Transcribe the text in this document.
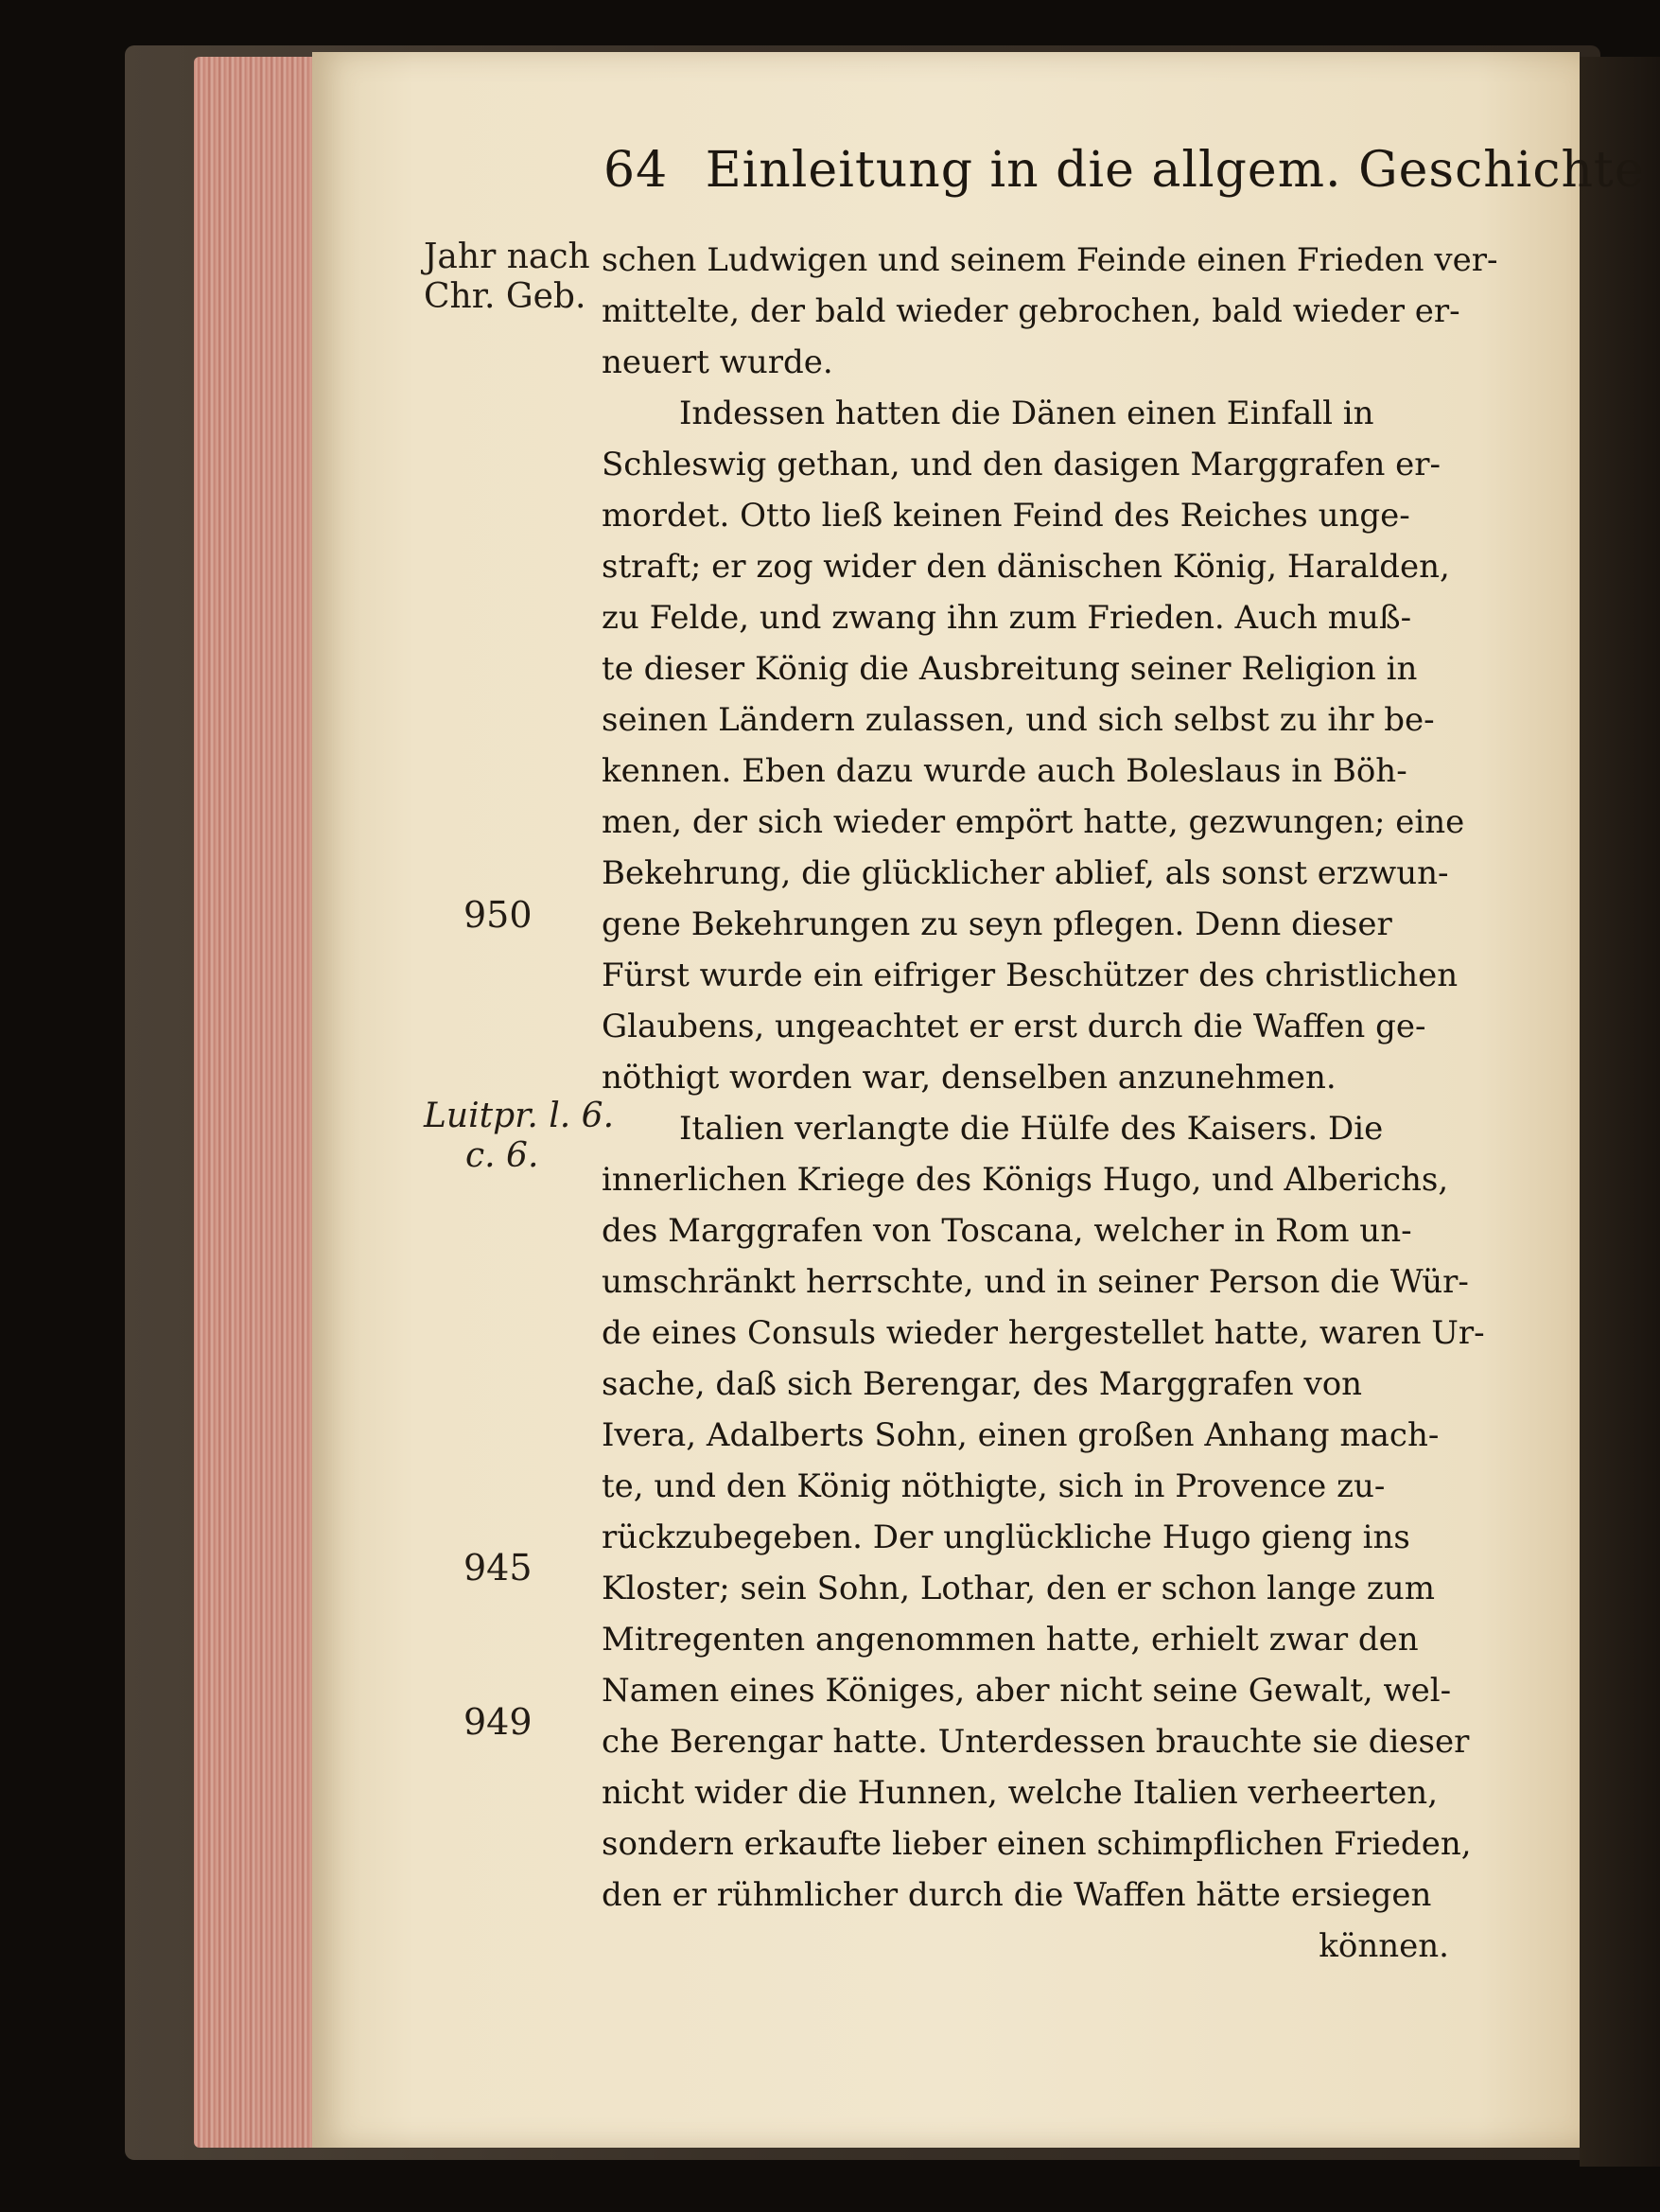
64 Einleitung in die allgem. Geschichte
Jahr nach
Chr. Geb.
950
Luitpr. l. 6.
c. 6.
945
949
schen Ludwigen und seinem Feinde einen Frieden ver-
mittelte, der bald wieder gebrochen, bald wieder er-
neuert wurde.
Indessen hatten die Dänen einen Einfall in
Schleswig gethan, und den dasigen Marggrafen er-
mordet. Otto ließ keinen Feind des Reiches unge-
straft; er zog wider den dänischen König, Haralden,
zu Felde, und zwang ihn zum Frieden. Auch muß-
te dieser König die Ausbreitung seiner Religion in
seinen Ländern zulassen, und sich selbst zu ihr be-
kennen. Eben dazu wurde auch Boleslaus in Böh-
men, der sich wieder empört hatte, gezwungen; eine
Bekehrung, die glücklicher ablief, als sonst erzwun-
gene Bekehrungen zu seyn pflegen. Denn dieser
Fürst wurde ein eifriger Beschützer des christlichen
Glaubens, ungeachtet er erst durch die Waffen ge-
nöthigt worden war, denselben anzunehmen.
Italien verlangte die Hülfe des Kaisers. Die
innerlichen Kriege des Königs Hugo, und Alberichs,
des Marggrafen von Toscana, welcher in Rom un-
umschränkt herrschte, und in seiner Person die Wür-
de eines Consuls wieder hergestellet hatte, waren Ur-
sache, daß sich Berengar, des Marggrafen von
Ivera, Adalberts Sohn, einen großen Anhang mach-
te, und den König nöthigte, sich in Provence zu-
rückzubegeben. Der unglückliche Hugo gieng ins
Kloster; sein Sohn, Lothar, den er schon lange zum
Mitregenten angenommen hatte, erhielt zwar den
Namen eines Königes, aber nicht seine Gewalt, wel-
che Berengar hatte. Unterdessen brauchte sie dieser
nicht wider die Hunnen, welche Italien verheerten,
sondern erkaufte lieber einen schimpflichen Frieden,
den er rühmlicher durch die Waffen hätte ersiegen
können.
